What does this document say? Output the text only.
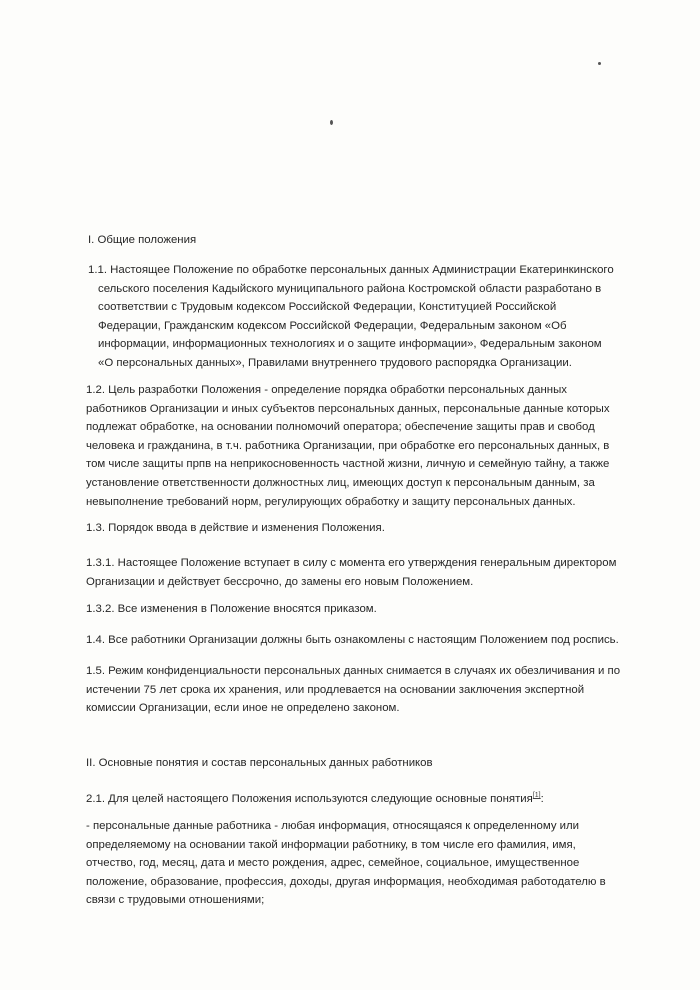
I. Общие положения
1.1. Настоящее Положение по обработке персональных данных Администрации Екатеринкинского
сельского поселения Кадыйского муниципального района Костромской области разработано в
соответствии с Трудовым кодексом Российской Федерации, Конституцией Российской
Федерации, Гражданским кодексом Российской Федерации, Федеральным законом «Об
информации, информационных технологиях и о защите информации», Федеральным законом
«О персональных данных», Правилами внутреннего трудового распорядка Организации.
1.2. Цель разработки Положения - определение порядка обработки персональных данных
работников Организации и иных субъектов персональных данных, персональные данные которых
подлежат обработке, на основании полномочий оператора; обеспечение защиты прав и свобод
человека и гражданина, в т.ч. работника Организации, при обработке его персональных данных, в
том числе защиты прпв на неприкосновенность частной жизни, личную и семейную тайну, а также
установление ответственности должностных лиц, имеющих доступ к персональным данным, за
невыполнение требований норм, регулирующих обработку и защиту персональных данных.
1.3. Порядок ввода в действие и изменения Положения.
1.3.1. Настоящее Положение вступает в силу с момента его утверждения генеральным директором
Организации и действует бессрочно, до замены его новым Положением.
1.3.2. Все изменения в Положение вносятся приказом.
1.4. Все работники Организации должны быть ознакомлены с настоящим Положением под роспись.
1.5. Режим конфиденциальности персональных данных снимается в случаях их обезличивания и по
истечении 75 лет срока их хранения, или продлевается на основании заключения экспертной
комиссии Организации, если иное не определено законом.
II. Основные понятия и состав персональных данных работников
2.1. Для целей настоящего Положения используются следующие основные понятия[1]:
- персональные данные работника - любая информация, относящаяся к определенному или
определяемому на основании такой информации работнику, в том числе его фамилия, имя,
отчество, год, месяц, дата и место рождения, адрес, семейное, социальное, имущественное
положение, образование, профессия, доходы, другая информация, необходимая работодателю в
связи с трудовыми отношениями;
